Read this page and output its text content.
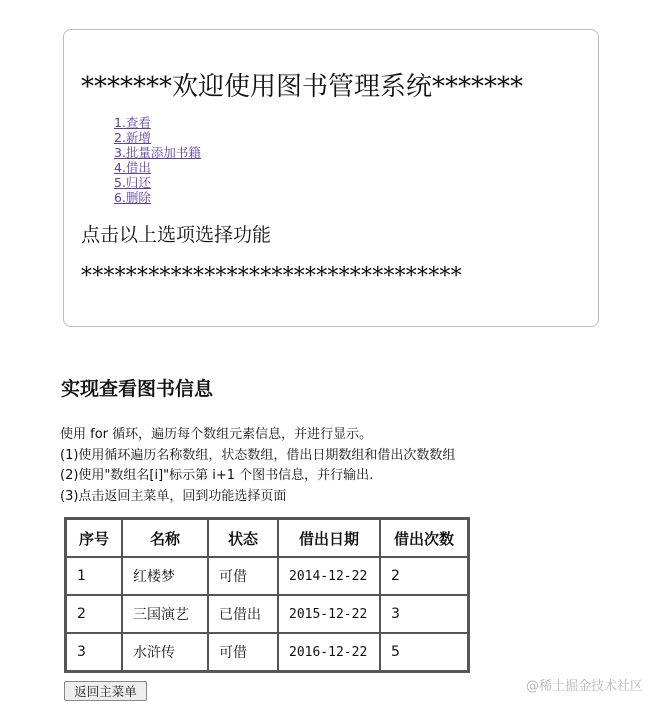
*******欢迎使用图书管理系统*******
1.查看
2.新增
3.批量添加书籍
4.借出
5.归还
6.删除
点击以上选项选择功能
**********************************
实现查看图书信息
使用 for 循环，遍历每个数组元素信息，并进行显示。
(1)使用循环遍历名称数组，状态数组，借出日期数组和借出次数数组
(2)使用"数组名[i]"标示第 i+1 个图书信息，并行输出.
(3)点击返回主菜单，回到功能选择页面
序号	名称	状态	借出日期	借出次数
1	红楼梦	可借	2014-12-22	2
2	三国演艺	已借出	2015-12-22	3
3	水浒传	可借	2016-12-22	5
返回主菜单	@稀土掘金技术社区
